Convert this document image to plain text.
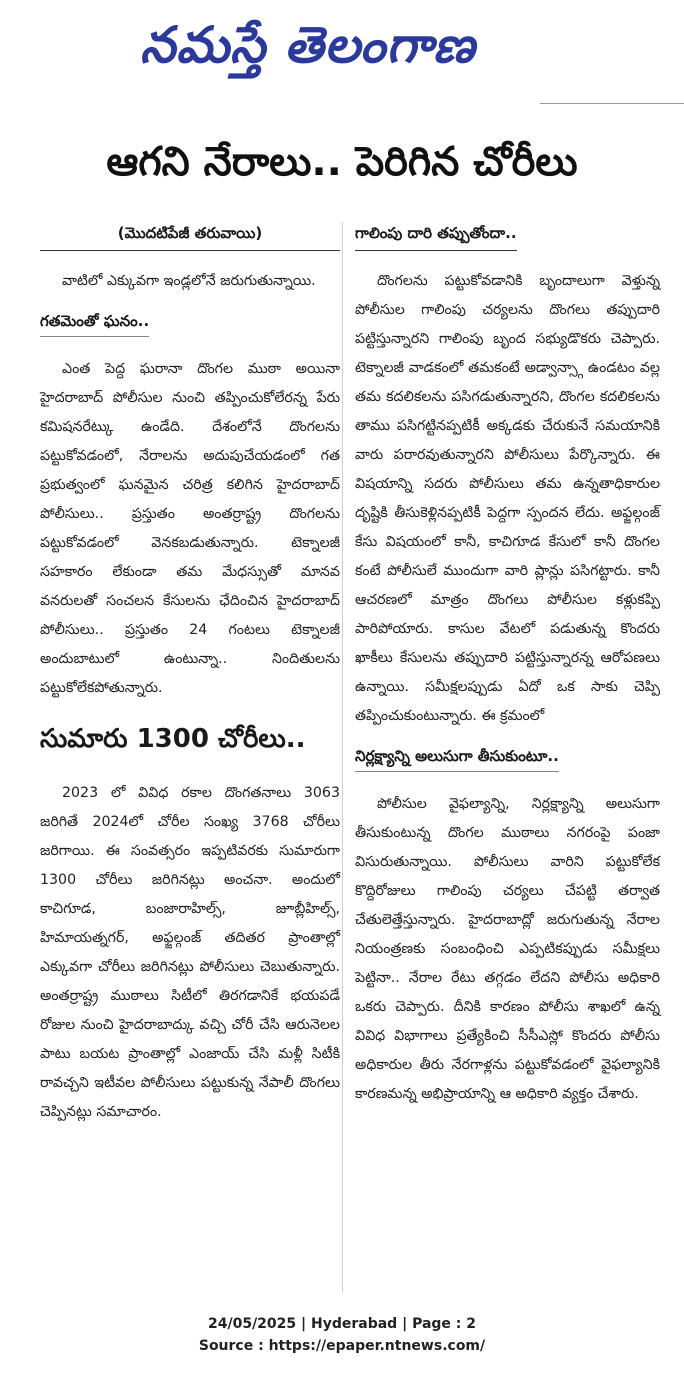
నమస్తే తెలంగాణ
ఆగని నేరాలు.. పెరిగిన చోరీలు
(మొదటిపేజీ తరువాయి)

వాటిలో ఎక్కువగా ఇండ్లలోనే జరుగుతున్నాయి.

గతమెంతో ఘనం..

ఎంత పెద్ద ఘరానా దొంగల ముఠా అయినా హైదరాబాద్ పోలీసుల నుంచి తప్పించుకోలేరన్న పేరు కమిషనరేట్కు ఉండేది. దేశంలోనే దొంగలను పట్టుకోవడంలో, నేరాలను అదుపుచేయడంలో గత ప్రభుత్వంలో ఘనమైన చరిత్ర కలిగిన హైదరాబాద్ పోలీసులు.. ప్రస్తుతం అంతర్రాష్ట్ర దొంగలను పట్టుకోవడంలో వెనకబడుతున్నారు. టెక్నాలజీ సహకారం లేకుండా తమ మేధస్సుతో మానవ వనరులతో సంచలన కేసులను ఛేదించిన హైదరాబాద్ పోలీసులు.. ప్రస్తుతం 24 గంటలు టెక్నాలజీ అందుబాటులో ఉంటున్నా.. నిందితులను పట్టుకోలేకపోతున్నారు.

సుమారు 1300 చోరీలు..

2023 లో వివిధ రకాల దొంగతనాలు 3063 జరిగితే 2024లో చోరీల సంఖ్య 3768 చోరీలు జరిగాయి. ఈ సంవత్సరం ఇప్పటివరకు సుమారుగా 1300 చోరీలు జరిగినట్లు అంచనా. అందులో కాచిగూడ, బంజారాహిల్స్, జూబ్లీహిల్స్, హిమాయత్నగర్, అఫ్జల్గంజ్ తదితర ప్రాంతాల్లో ఎక్కువగా చోరీలు జరిగినట్లు పోలీసులు చెబుతున్నారు. అంతర్రాష్ట్ర ముఠాలు సిటీలో తిరగడానికే భయపడే రోజుల నుంచి హైదరాబాద్కు వచ్చి చోరీ చేసి ఆరునెలల పాటు బయట ప్రాంతాల్లో ఎంజాయ్ చేసి మళ్లీ సిటీకి రావచ్చని ఇటీవల పోలీసులు పట్టుకున్న నేపాలీ దొంగలు చెప్పినట్లు సమాచారం.

గాలింపు దారి తప్పుతోందా..

దొంగలను పట్టుకోవడానికి బృందాలుగా వెళ్తున్న పోలీసుల గాలింపు చర్యలను దొంగలు తప్పుదారి పట్టిస్తున్నారని గాలింపు బృంద సభ్యుడొకరు చెప్పారు. టెక్నాలజీ వాడకంలో తమకంటే అడ్వాన్స్గా ఉండటం వల్ల తమ కదలికలను పసిగడుతున్నారని, దొంగల కదలికలను తాము పసిగట్టినప్పటికీ అక్కడకు చేరుకునే సమయానికి వారు పరారవుతున్నారని పోలీసులు పేర్కొన్నారు. ఈ విషయాన్ని సదరు పోలీసులు తమ ఉన్నతాధికారుల దృష్టికి తీసుకెళ్లినప్పటికీ పెద్దగా స్పందన లేదు. అఫ్జల్గంజ్ కేసు విషయంలో కానీ, కాచిగూడ కేసులో కానీ దొంగల కంటే పోలీసులే ముందుగా వారి ప్లాన్లు పసిగట్టారు. కానీ ఆచరణలో మాత్రం దొంగలు పోలీసుల కళ్లుకప్పి పారిపోయారు. కాసుల వేటలో పడుతున్న కొందరు ఖాకీలు కేసులను తప్పుదారి పట్టిస్తున్నారన్న ఆరోపణలు ఉన్నాయి. సమీక్షలప్పుడు ఏదో ఒక సాకు చెప్పి తప్పించుకుంటున్నారు. ఈ క్రమంలో

నిర్లక్ష్యాన్ని అలుసుగా తీసుకుంటూ..

పోలీసుల వైఫల్యాన్ని, నిర్లక్ష్యాన్ని అలుసుగా తీసుకుంటున్న దొంగల ముఠాలు నగరంపై పంజా విసురుతున్నాయి. పోలీసులు వారిని పట్టుకోలేక కొద్దిరోజులు గాలింపు చర్యలు చేపట్టి తర్వాత చేతులెత్తేస్తున్నారు. హైదరాబాద్లో జరుగుతున్న నేరాల నియంత్రణకు సంబంధించి ఎప్పటికప్పుడు సమీక్షలు పెట్టినా.. నేరాల రేటు తగ్గడం లేదని పోలీసు అధికారి ఒకరు చెప్పారు. దీనికి కారణం పోలీసు శాఖలో ఉన్న వివిధ విభాగాలు ప్రత్యేకించి సీసీఎస్లో కొందరు పోలీసు అధికారుల తీరు నేరగాళ్లను పట్టుకోవడంలో వైఫల్యానికి కారణమన్న అభిప్రాయాన్ని ఆ అధికారి వ్యక్తం చేశారు.

24/05/2025 | Hyderabad | Page : 2
Source : https://epaper.ntnews.com/
